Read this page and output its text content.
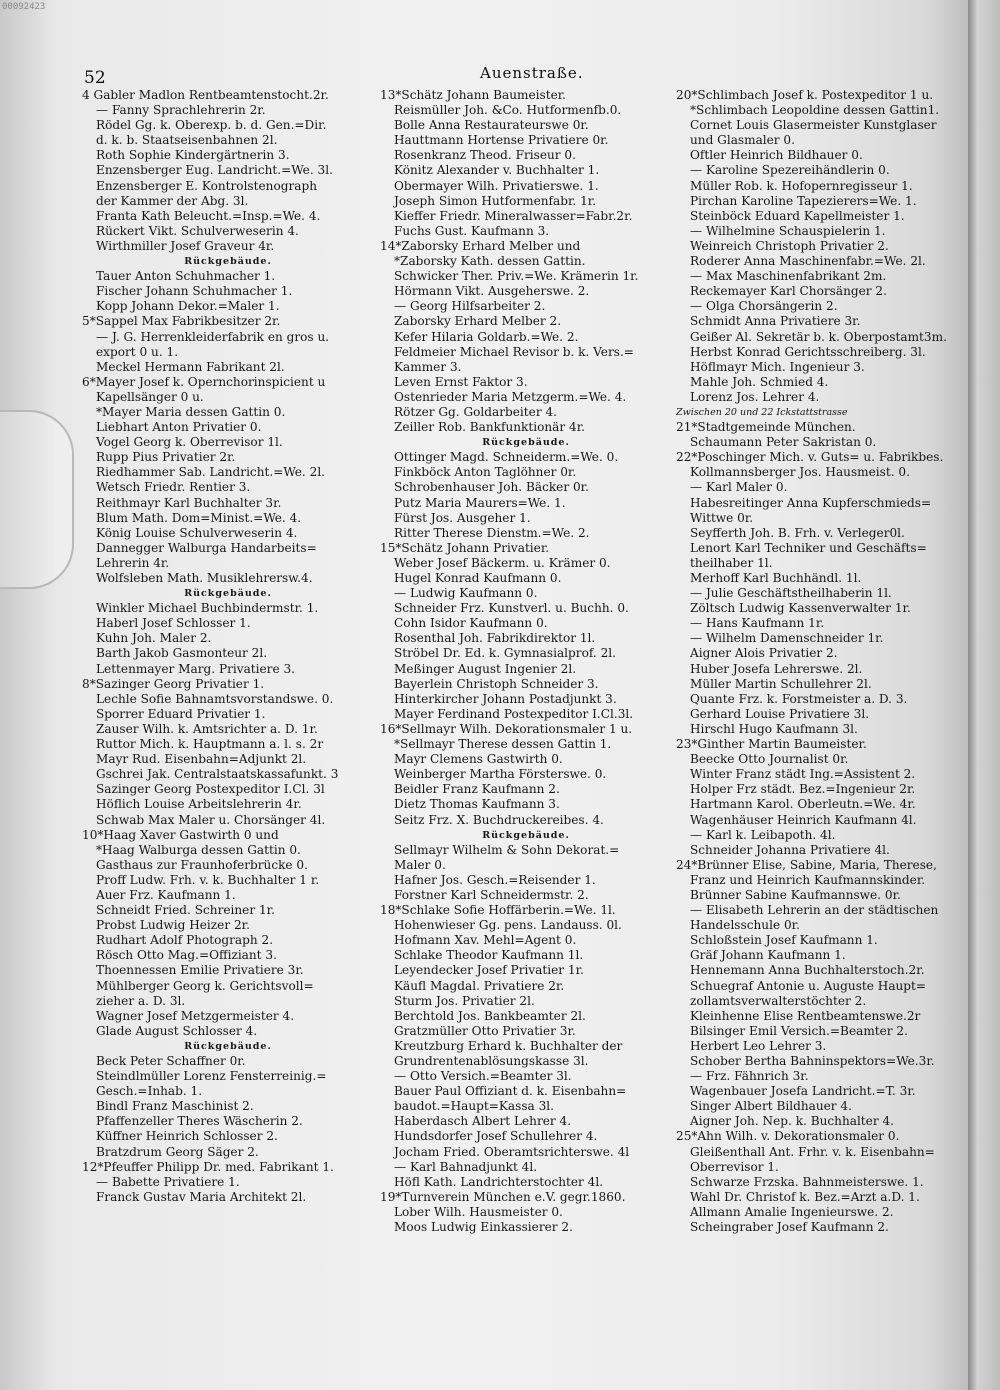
00092423
52	Auenstraße.
4 Gabler Madlon Rentbeamtenstocht.2r.
— Fanny Sprachlehrerin 2r.
Rödel Gg. k. Oberexp. b. d. Gen.=Dir.
d. k. b. Staatseisenbahnen 2l.
Roth Sophie Kindergärtnerin 3.
Enzensberger Eug. Landricht.=We. 3l.
Enzensberger E. Kontrolstenograph
der Kammer der Abg. 3l.
Franta Kath Beleucht.=Insp.=We. 4.
Rückert Vikt. Schulverweserin 4.
Wirthmiller Josef Graveur 4r.
Rückgebäude.
Tauer Anton Schuhmacher 1.
Fischer Johann Schuhmacher 1.
Kopp Johann Dekor.=Maler 1.
5*Sappel Max Fabrikbesitzer 2r.
— J. G. Herrenkleiderfabrik en gros u.
export 0 u. 1.
Meckel Hermann Fabrikant 2l.
6*Mayer Josef k. Opernchorinspicient u
Kapellsänger 0 u.
*Mayer Maria dessen Gattin 0.
Liebhart Anton Privatier 0.
Vogel Georg k. Oberrevisor 1l.
Rupp Pius Privatier 2r.
Riedhammer Sab. Landricht.=We. 2l.
Wetsch Friedr. Rentier 3.
Reithmayr Karl Buchhalter 3r.
Blum Math. Dom=Minist.=We. 4.
König Louise Schulverweserin 4.
Dannegger Walburga Handarbeits=
Lehrerin 4r.
Wolfsleben Math. Musiklehrersw.4.
Rückgebäude.
Winkler Michael Buchbindermstr. 1.
Haberl Josef Schlosser 1.
Kuhn Joh. Maler 2.
Barth Jakob Gasmonteur 2l.
Lettenmayer Marg. Privatiere 3.
8*Sazinger Georg Privatier 1.
Lechle Sofie Bahnamtsvorstandswe. 0.
Sporrer Eduard Privatier 1.
Zauser Wilh. k. Amtsrichter a. D. 1r.
Ruttor Mich. k. Hauptmann a. l. s. 2r
Mayr Rud. Eisenbahn=Adjunkt 2l.
Gschrei Jak. Centralstaatskassafunkt. 3
Sazinger Georg Postexpeditor I.Cl. 3l
Höflich Louise Arbeitslehrerin 4r.
Schwab Max Maler u. Chorsänger 4l.
10*Haag Xaver Gastwirth 0 und
*Haag Walburga dessen Gattin 0.
Gasthaus zur Fraunhoferbrücke 0.
Proff Ludw. Frh. v. k. Buchhalter 1 r.
Auer Frz. Kaufmann 1.
Schneidt Fried. Schreiner 1r.
Probst Ludwig Heizer 2r.
Rudhart Adolf Photograph 2.
Rösch Otto Mag.=Offiziant 3.
Thoennessen Emilie Privatiere 3r.
Mühlberger Georg k. Gerichtsvoll=
zieher a. D. 3l.
Wagner Josef Metzgermeister 4.
Glade August Schlosser 4.
Rückgebäude.
Beck Peter Schaffner 0r.
Steindlmüller Lorenz Fensterreinig.=
Gesch.=Inhab. 1.
Bindl Franz Maschinist 2.
Pfaffenzeller Theres Wäscherin 2.
Küffner Heinrich Schlosser 2.
Bratzdrum Georg Säger 2.
12*Pfeuffer Philipp Dr. med. Fabrikant 1.
— Babette Privatiere 1.
Franck Gustav Maria Architekt 2l.
13*Schätz Johann Baumeister.
Reismüller Joh. &Co. Hutformenfb.0.
Bolle Anna Restaurateurswe 0r.
Hauttmann Hortense Privatiere 0r.
Rosenkranz Theod. Friseur 0.
Könitz Alexander v. Buchhalter 1.
Obermayer Wilh. Privatierswe. 1.
Joseph Simon Hutformenfabr. 1r.
Kieffer Friedr. Mineralwasser=Fabr.2r.
Fuchs Gust. Kaufmann 3.
14*Zaborsky Erhard Melber und
*Zaborsky Kath. dessen Gattin.
Schwicker Ther. Priv.=We. Krämerin 1r.
Hörmann Vikt. Ausgeherswe. 2.
— Georg Hilfsarbeiter 2.
Zaborsky Erhard Melber 2.
Kefer Hilaria Goldarb.=We. 2.
Feldmeier Michael Revisor b. k. Vers.=
Kammer 3.
Leven Ernst Faktor 3.
Ostenrieder Maria Metzgerm.=We. 4.
Rötzer Gg. Goldarbeiter 4.
Zeiller Rob. Bankfunktionär 4r.
Rückgebäude.
Ottinger Magd. Schneiderm.=We. 0.
Finkböck Anton Taglöhner 0r.
Schrobenhauser Joh. Bäcker 0r.
Putz Maria Maurers=We. 1.
Fürst Jos. Ausgeher 1.
Ritter Therese Dienstm.=We. 2.
15*Schätz Johann Privatier.
Weber Josef Bäckerm. u. Krämer 0.
Hugel Konrad Kaufmann 0.
— Ludwig Kaufmann 0.
Schneider Frz. Kunstverl. u. Buchh. 0.
Cohn Isidor Kaufmann 0.
Rosenthal Joh. Fabrikdirektor 1l.
Ströbel Dr. Ed. k. Gymnasialprof. 2l.
Meßinger August Ingenier 2l.
Bayerlein Christoph Schneider 3.
Hinterkircher Johann Postadjunkt 3.
Mayer Ferdinand Postexpeditor I.Cl.3l.
16*Sellmayr Wilh. Dekorationsmaler 1 u.
*Sellmayr Therese dessen Gattin 1.
Mayr Clemens Gastwirth 0.
Weinberger Martha Försterswe. 0.
Beidler Franz Kaufmann 2.
Dietz Thomas Kaufmann 3.
Seitz Frz. X. Buchdruckereibes. 4.
Rückgebäude.
Sellmayr Wilhelm & Sohn Dekorat.=
Maler 0.
Hafner Jos. Gesch.=Reisender 1.
Forstner Karl Schneidermstr. 2.
18*Schlake Sofie Hoffärberin.=We. 1l.
Hohenwieser Gg. pens. Landauss. 0l.
Hofmann Xav. Mehl=Agent 0.
Schlake Theodor Kaufmann 1l.
Leyendecker Josef Privatier 1r.
Käufl Magdal. Privatiere 2r.
Sturm Jos. Privatier 2l.
Berchtold Jos. Bankbeamter 2l.
Gratzmüller Otto Privatier 3r.
Kreutzburg Erhard k. Buchhalter der
Grundrentenablösungskasse 3l.
— Otto Versich.=Beamter 3l.
Bauer Paul Offiziant d. k. Eisenbahn=
baudot.=Haupt=Kassa 3l.
Haberdasch Albert Lehrer 4.
Hundsdorfer Josef Schullehrer 4.
Jocham Fried. Oberamtsrichterswe. 4l
— Karl Bahnadjunkt 4l.
Höfl Kath. Landrichterstochter 4l.
19*Turnverein München e.V. gegr.1860.
Lober Wilh. Hausmeister 0.
Moos Ludwig Einkassierer 2.
20*Schlimbach Josef k. Postexpeditor 1 u.
*Schlimbach Leopoldine dessen Gattin1.
Cornet Louis Glasermeister Kunstglaser
und Glasmaler 0.
Oftler Heinrich Bildhauer 0.
— Karoline Spezereihändlerin 0.
Müller Rob. k. Hofopernregisseur 1.
Pirchan Karoline Tapezierers=We. 1.
Steinböck Eduard Kapellmeister 1.
— Wilhelmine Schauspielerin 1.
Weinreich Christoph Privatier 2.
Roderer Anna Maschinenfabr.=We. 2l.
— Max Maschinenfabrikant 2m.
Reckemayer Karl Chorsänger 2.
— Olga Chorsängerin 2.
Schmidt Anna Privatiere 3r.
Geißer Al. Sekretär b. k. Oberpostamt3m.
Herbst Konrad Gerichtsschreiberg. 3l.
Höflmayr Mich. Ingenieur 3.
Mahle Joh. Schmied 4.
Lorenz Jos. Lehrer 4.
Zwischen 20 und 22 Ickstattstrasse
21*Stadtgemeinde München.
Schaumann Peter Sakristan 0.
22*Poschinger Mich. v. Guts= u. Fabrikbes.
Kollmannsberger Jos. Hausmeist. 0.
— Karl Maler 0.
Habesreitinger Anna Kupferschmieds=
Wittwe 0r.
Seyfferth Joh. B. Frh. v. Verleger0l.
Lenort Karl Techniker und Geschäfts=
theilhaber 1l.
Merhoff Karl Buchhändl. 1l.
— Julie Geschäftstheilhaberin 1l.
Zöltsch Ludwig Kassenverwalter 1r.
— Hans Kaufmann 1r.
— Wilhelm Damenschneider 1r.
Aigner Alois Privatier 2.
Huber Josefa Lehrerswe. 2l.
Müller Martin Schullehrer 2l.
Quante Frz. k. Forstmeister a. D. 3.
Gerhard Louise Privatiere 3l.
Hirschl Hugo Kaufmann 3l.
23*Ginther Martin Baumeister.
Beecke Otto Journalist 0r.
Winter Franz städt Ing.=Assistent 2.
Holper Frz städt. Bez.=Ingenieur 2r.
Hartmann Karol. Oberleutn.=We. 4r.
Wagenhäuser Heinrich Kaufmann 4l.
— Karl k. Leibapoth. 4l.
Schneider Johanna Privatiere 4l.
24*Brünner Elise, Sabine, Maria, Therese,
Franz und Heinrich Kaufmannskinder.
Brünner Sabine Kaufmannswe. 0r.
— Elisabeth Lehrerin an der städtischen
Handelsschule 0r.
Schloßstein Josef Kaufmann 1.
Gräf Johann Kaufmann 1.
Hennemann Anna Buchhalterstoch.2r.
Schuegraf Antonie u. Auguste Haupt=
zollamtsverwalterstöchter 2.
Kleinhenne Elise Rentbeamtenswe.2r
Bilsinger Emil Versich.=Beamter 2.
Herbert Leo Lehrer 3.
Schober Bertha Bahninspektors=We.3r.
— Frz. Fähnrich 3r.
Wagenbauer Josefa Landricht.=T. 3r.
Singer Albert Bildhauer 4.
Aigner Joh. Nep. k. Buchhalter 4.
25*Ahn Wilh. v. Dekorationsmaler 0.
Gleißenthall Ant. Frhr. v. k. Eisenbahn=
Oberrevisor 1.
Schwarze Frzska. Bahnmeisterswe. 1.
Wahl Dr. Christof k. Bez.=Arzt a.D. 1.
Allmann Amalie Ingenieurswe. 2.
Scheingraber Josef Kaufmann 2.
